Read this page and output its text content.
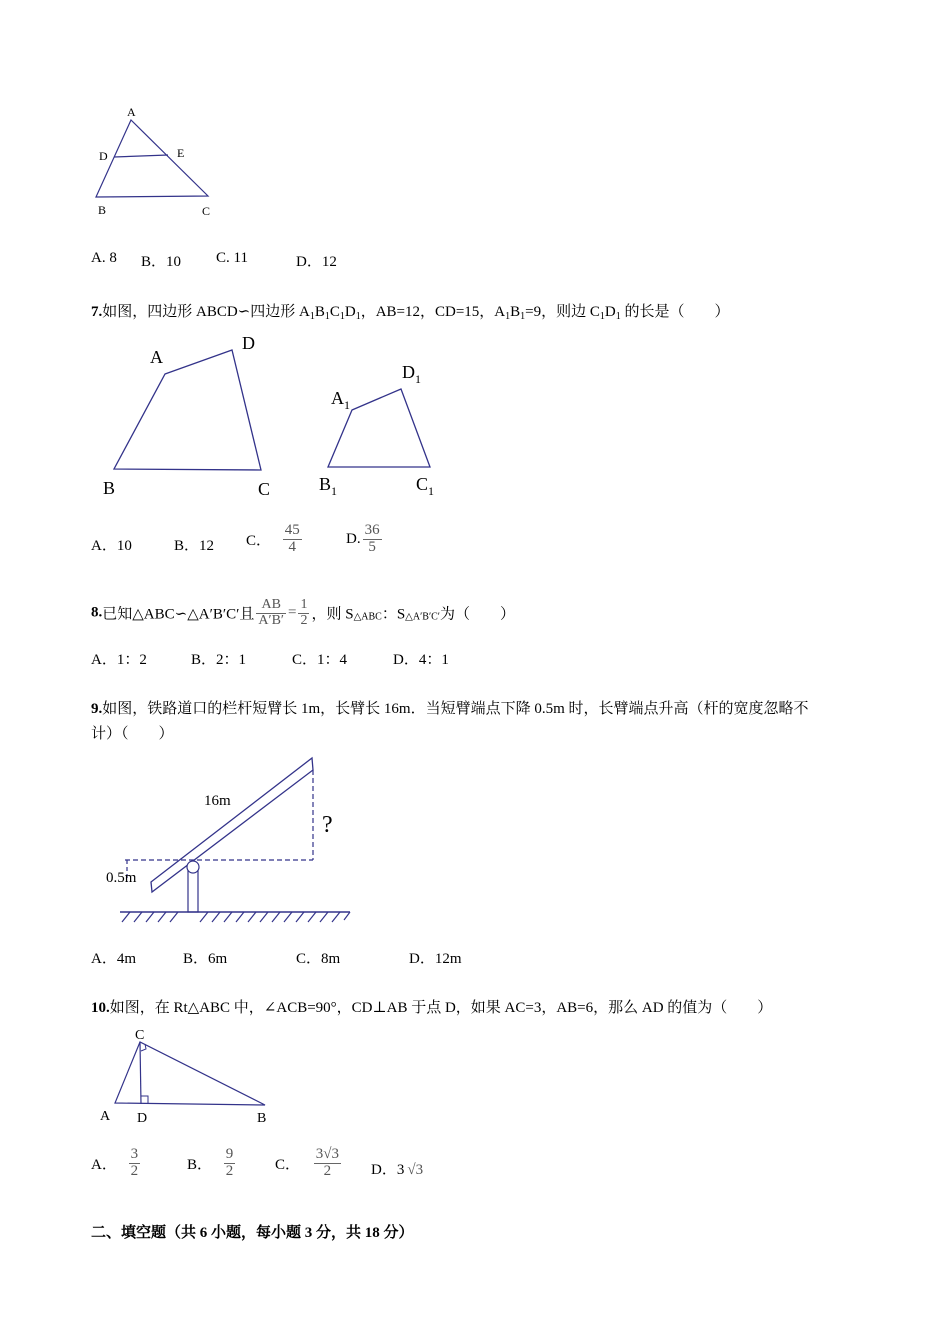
A
D	E
B	C
A. 8 B．10 C. 11	D．12
7.如图，四边形 ABCD∽四边形 $A_1B_1C_1D_1$，AB=12，CD=15，$A_1B_1=9$，则边 $C_1D_1$ 的长是（　　）
A
D
B	C
$A_1$
$D_1$
$B_1$	$C_1$
A．10	B．12 C． $\frac{45}{4}$	D. $\frac{36}{5}$
8.已知△ABC∽△A′B′C′且 $\frac{AB}{A'B'} = \frac{1}{2}$ ，则 $S_{\triangle ABC}$：$S_{\triangle A'B'C'}$为（　　）
A．1：2	B．2：1	C．1：4	D．4：1
9.如图，铁路道口的栏杆短臂长 1m，长臂长 16m．当短臂端点下降 0.5m 时，长臂端点升高（杆的宽度忽略不
计）（　　）
16m
?
0.5m
A．4m	B．6m	C．8m	D．12m
10.如图，在 Rt△ABC 中，∠ACB=90°，CD⊥AB 于点 D，如果 AC=3，AB=6，那么 AD 的值为（　　）
C
A D	B
A． $\frac{3}{2}$	B． $\frac{9}{2}$	C． $\frac{3√3}{2}$ D．3 √3
二、填空题（共 6 小题，每小题 3 分，共 18 分）
